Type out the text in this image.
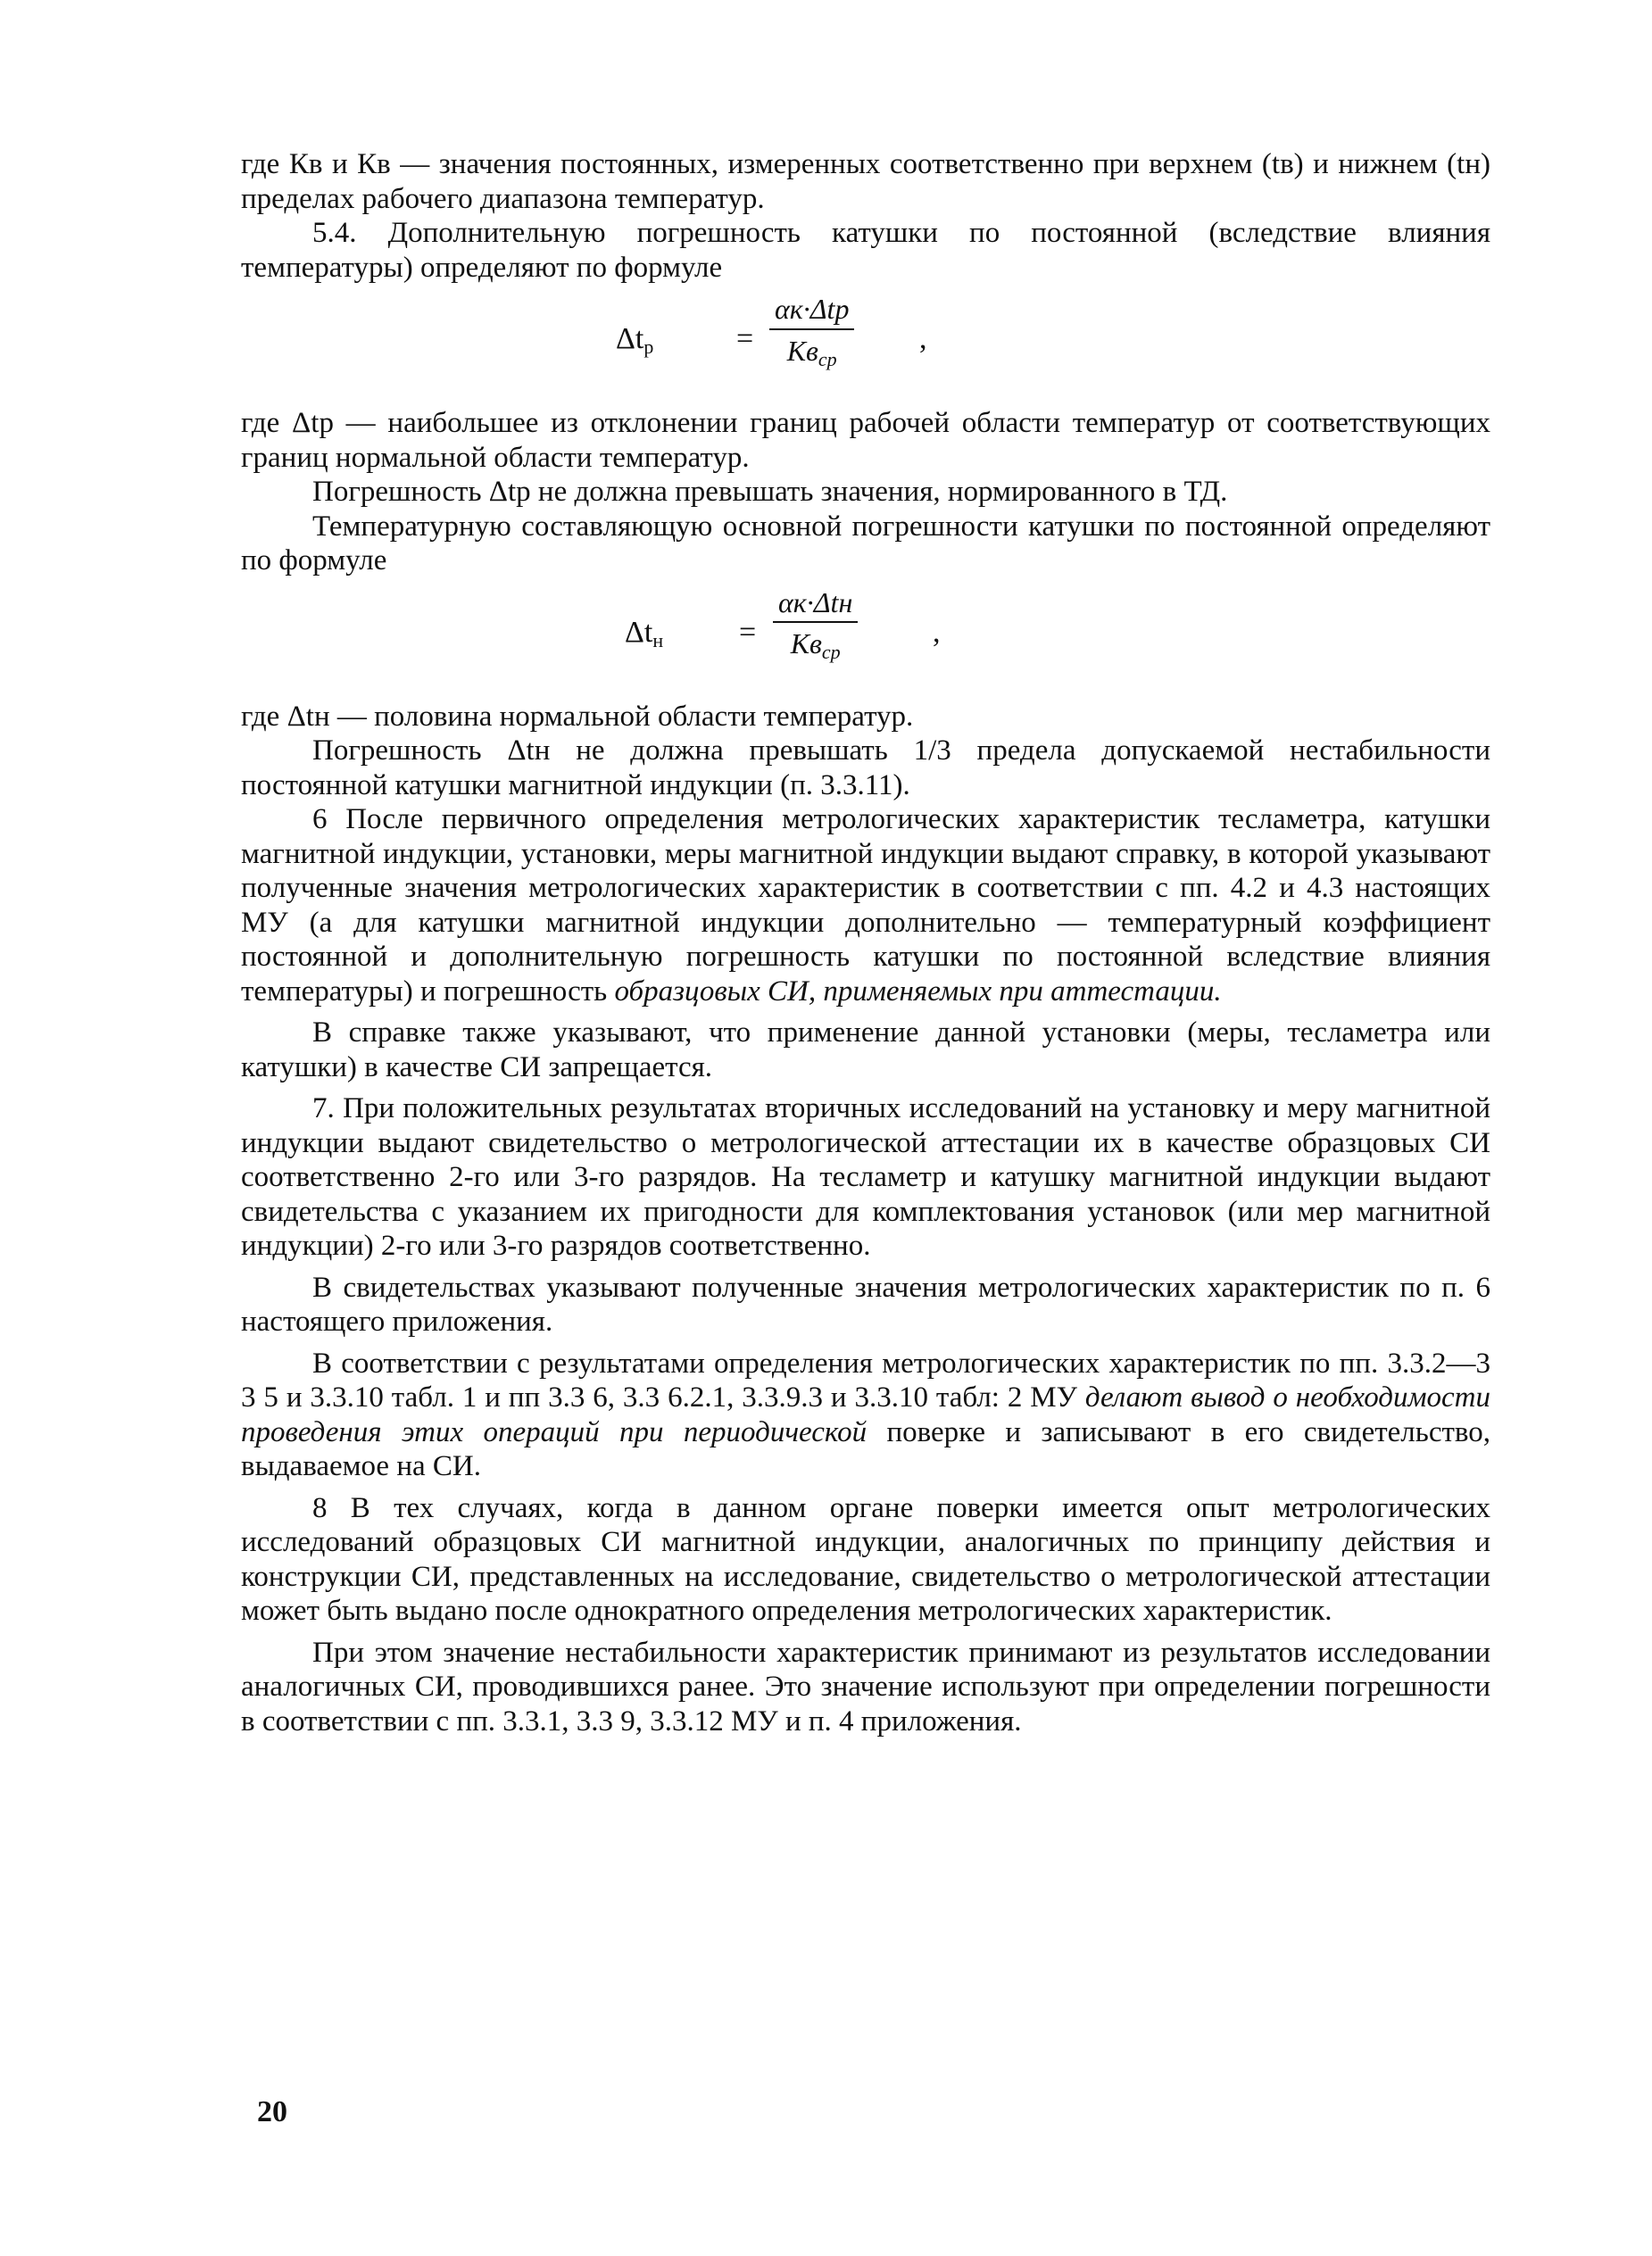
где Кв и Кв — значения постоянных, измеренных соответственно при верхнем (tв) и нижнем (tн) пределах рабочего диапазона температур.

5.4. Дополнительную погрешность катушки по постоянной (вследствие влияния температуры) определяют по формуле

$\Delta t_р$	=
αк·Δtр
$Кв_{ср}$
,

где Δtр — наибольшее из отклонении границ рабочей области температур от соответствующих границ нормальной области температур.

Погрешность Δtр не должна превышать значения, нормированного в ТД.

Температурную составляющую основной погрешности катушки по постоянной определяют по формуле

$\Delta t_н$ =
αк·Δtн
$Кв_{ср}$
,

где Δtн — половина нормальной области температур.

Погрешность Δtн не должна превышать 1/3 предела допускаемой нестабильности постоянной катушки магнитной индукции (п. 3.3.11).

6 После первичного определения метрологических характеристик тесламетра, катушки магнитной индукции, установки, меры магнитной индукции выдают справку, в которой указывают полученные значения метрологических характеристик в соответствии с пп. 4.2 и 4.3 настоящих МУ (а для катушки магнитной индукции дополнительно — температурный коэффициент постоянной и дополнительную погрешность катушки по постоянной вследствие влияния температуры) и погрешность образцовых СИ, применяемых при аттестации.

В справке также указывают, что применение данной установки (меры, тесламетра или катушки) в качестве СИ запрещается.

7. При положительных результатах вторичных исследований на установку и меру магнитной индукции выдают свидетельство о метрологической аттестации их в качестве образцовых СИ соответственно 2-го или 3-го разрядов. На тесламетр и катушку магнитной индукции выдают свидетельства с указанием их пригодности для комплектования установок (или мер магнитной индукции) 2-го или 3-го разрядов соответственно.

В свидетельствах указывают полученные значения метрологических характеристик по п. 6 настоящего приложения.

В соответствии с результатами определения метрологических характеристик по пп. 3.3.2—3 3 5 и 3.3.10 табл. 1 и пп 3.3 6, 3.3 6.2.1, 3.3.9.3 и 3.3.10 табл: 2 МУ делают вывод о необходимости проведения этих операций при периодической поверке и записывают в его свидетельство, выдаваемое на СИ.

8 В тех случаях, когда в данном органе поверки имеется опыт метрологических исследований образцовых СИ магнитной индукции, аналогичных по принципу действия и конструкции СИ, представленных на исследование, свидетельство о метрологической аттестации может быть выдано после однократного определения метрологических характеристик.

При этом значение нестабильности характеристик принимают из результатов исследовании аналогичных СИ, проводившихся ранее. Это значение используют при определении погрешности в соответствии с пп. 3.3.1, 3.3 9, 3.3.12 МУ и п. 4 приложения.

20
